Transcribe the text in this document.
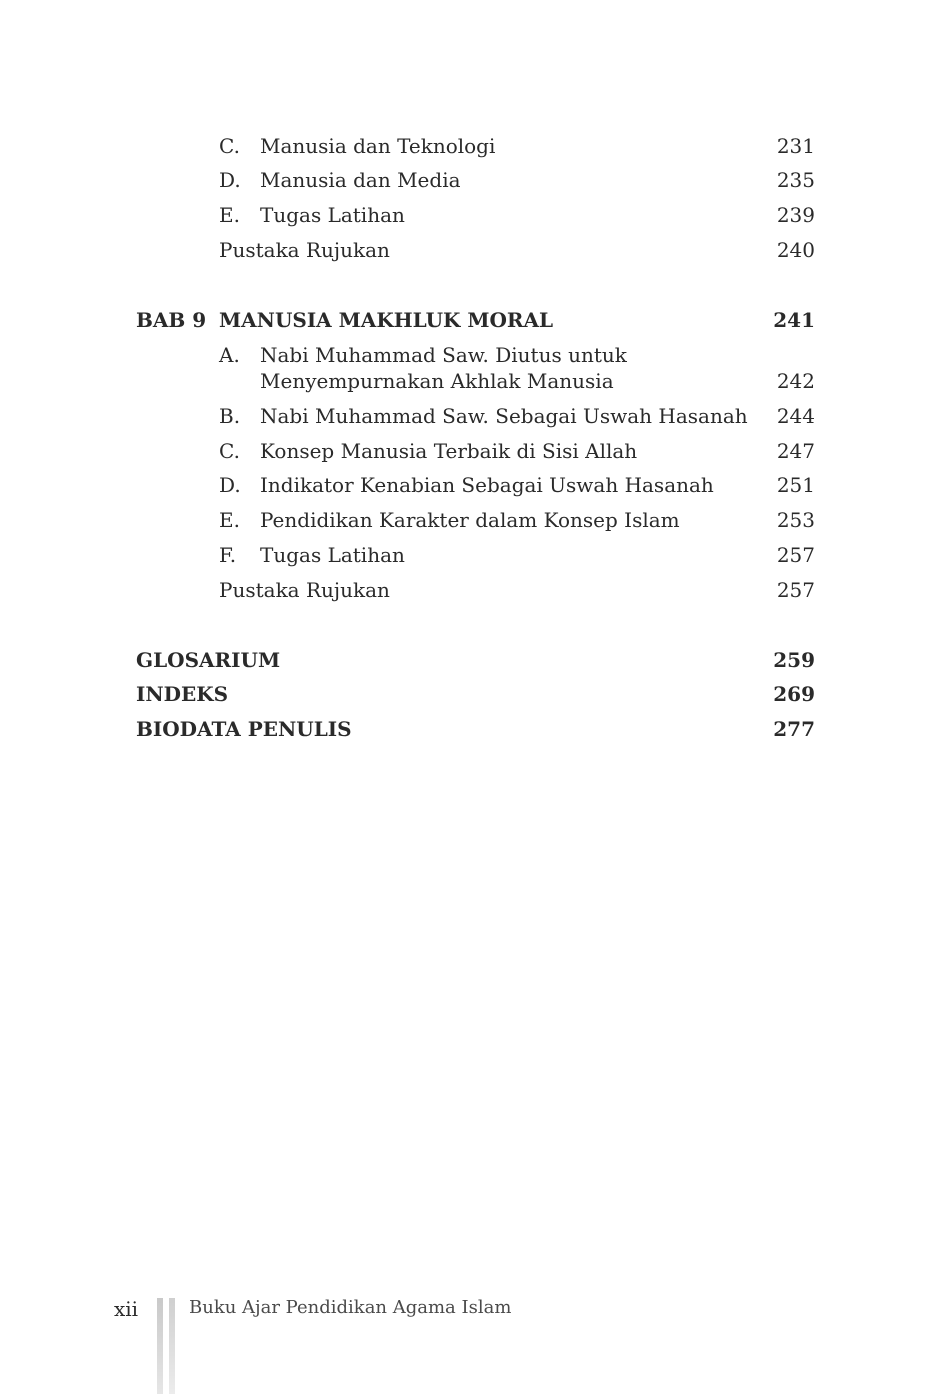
C. Manusia dan Teknologi	231
D. Manusia dan Media	235
E. Tugas Latihan	239
Pustaka Rujukan	240
BAB 9 MANUSIA MAKHLUK MORAL	241
A. Nabi Muhammad Saw. Diutus untuk
Menyempurnakan Akhlak Manusia	242
B. Nabi Muhammad Saw. Sebagai Uswah Hasanah 244
C. Konsep Manusia Terbaik di Sisi Allah	247
D. Indikator Kenabian Sebagai Uswah Hasanah	251
E. Pendidikan Karakter dalam Konsep Islam	253
F. Tugas Latihan	257
Pustaka Rujukan	257
GLOSARIUM	259
INDEKS	269
BIODATA PENULIS	277
xii	Buku Ajar Pendidikan Agama Islam
